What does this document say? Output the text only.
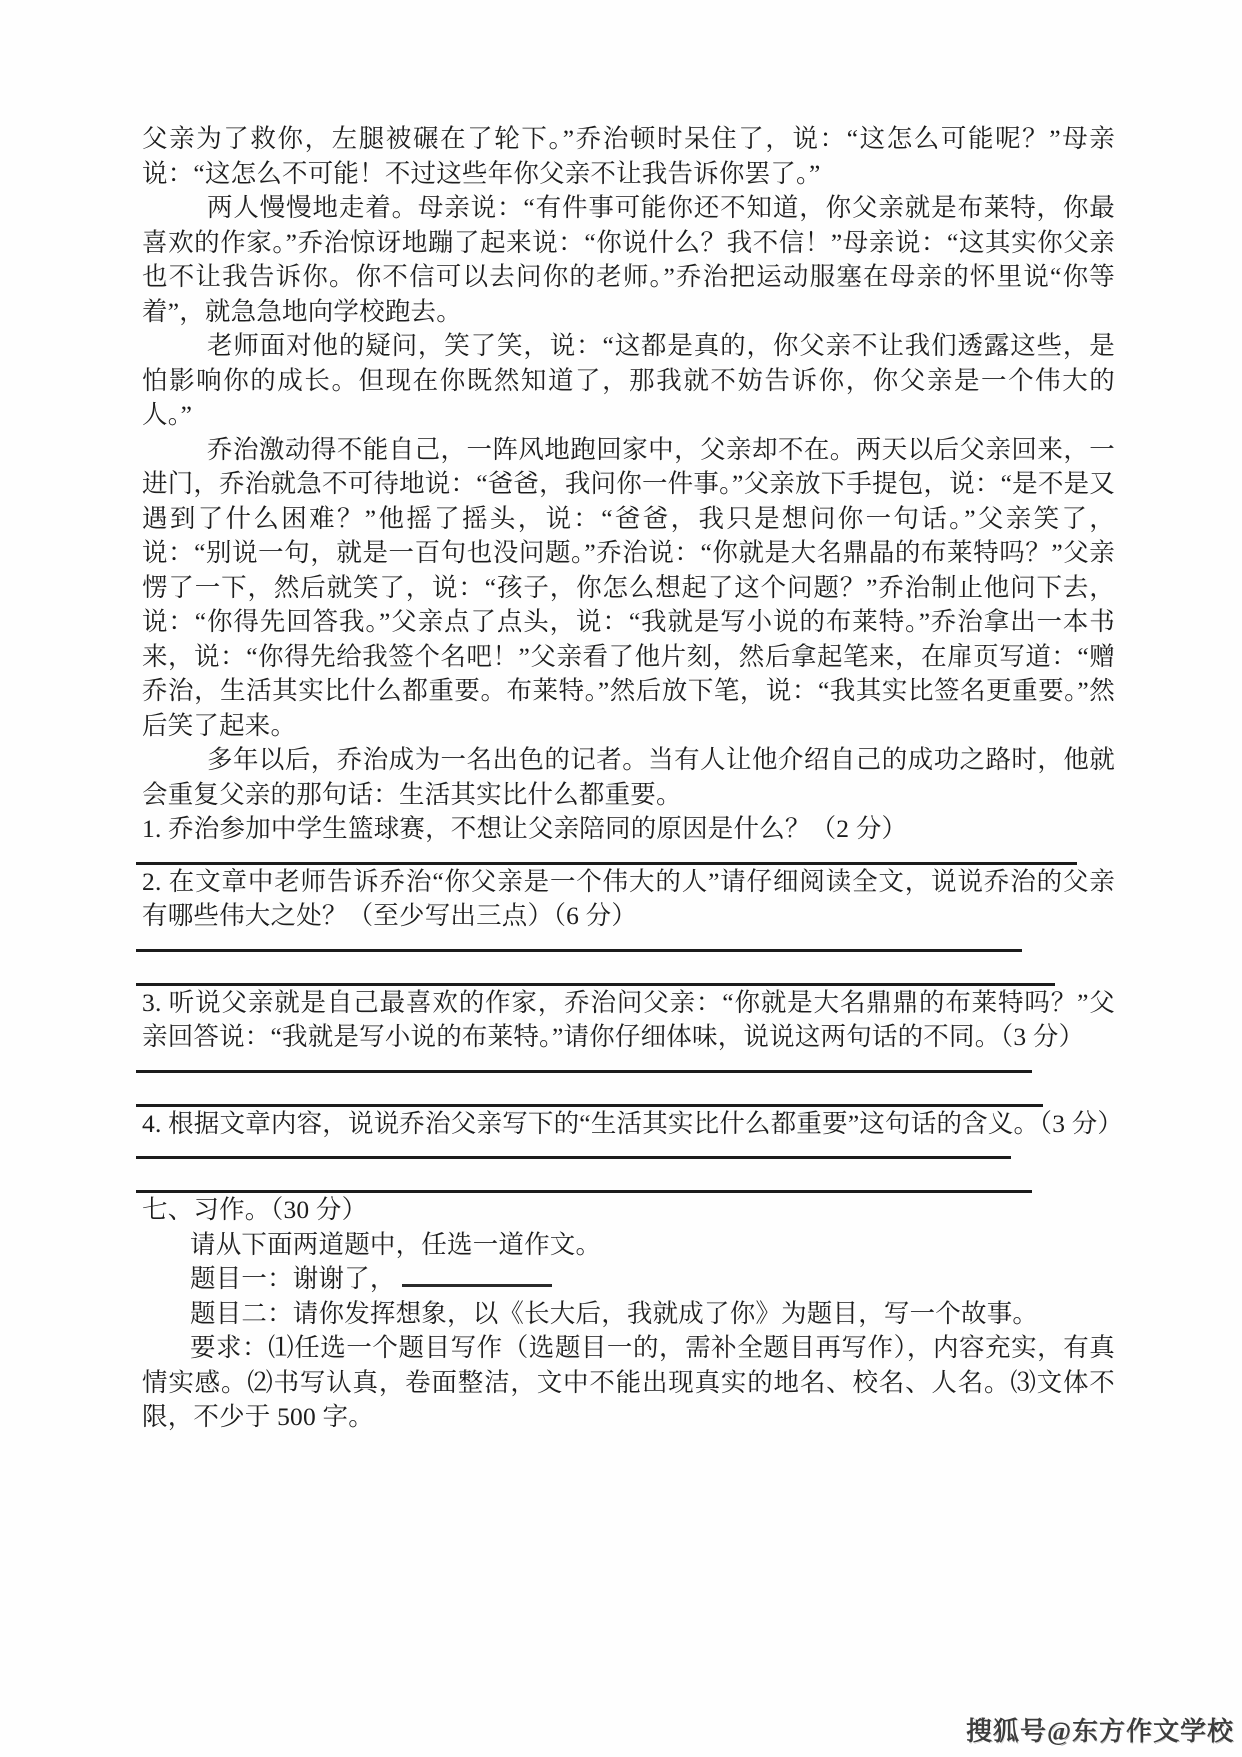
父亲为了救你，左腿被碾在了轮下。”乔治顿时呆住了，说：“这怎么可能呢？”母亲说：“这怎么不可能！不过这些年你父亲不让我告诉你罢了。”

两人慢慢地走着。母亲说：“有件事可能你还不知道，你父亲就是布莱特，你最喜欢的作家。”乔治惊讶地蹦了起来说：“你说什么？我不信！”母亲说：“这其实你父亲也不让我告诉你。你不信可以去问你的老师。”乔治把运动服塞在母亲的怀里说“你等着”，就急急地向学校跑去。

老师面对他的疑问，笑了笑，说：“这都是真的，你父亲不让我们透露这些，是怕影响你的成长。但现在你既然知道了，那我就不妨告诉你，你父亲是一个伟大的人。”

乔治激动得不能自己，一阵风地跑回家中，父亲却不在。两天以后父亲回来，一进门，乔治就急不可待地说：“爸爸，我问你一件事。”父亲放下手提包，说：“是不是又遇到了什么困难？”他摇了摇头，说：“爸爸，我只是想问你一句话。”父亲笑了，说：“别说一句，就是一百句也没问题。”乔治说：“你就是大名鼎晶的布莱特吗？”父亲愣了一下，然后就笑了，说：“孩子，你怎么想起了这个问题？”乔治制止他问下去，说：“你得先回答我。”父亲点了点头，说：“我就是写小说的布莱特。”乔治拿出一本书来，说：“你得先给我签个名吧！”父亲看了他片刻，然后拿起笔来，在扉页写道：“赠乔治，生活其实比什么都重要。布莱特。”然后放下笔，说：“我其实比签名更重要。”然后笑了起来。

多年以后，乔治成为一名出色的记者。当有人让他介绍自己的成功之路时，他就会重复父亲的那句话：生活其实比什么都重要。

1. 乔治参加中学生篮球赛，不想让父亲陪同的原因是什么？（2 分）

2. 在文章中老师告诉乔治“你父亲是一个伟大的人”请仔细阅读全文，说说乔治的父亲有哪些伟大之处？（至少写出三点）（6 分）

3. 听说父亲就是自己最喜欢的作家，乔治问父亲：“你就是大名鼎鼎的布莱特吗？”父亲回答说：“我就是写小说的布莱特。”请你仔细体味，说说这两句话的不同。（3 分）

4. 根据文章内容，说说乔治父亲写下的“生活其实比什么都重要”这句话的含义。（3 分）

七、习作。（30 分）

请从下面两道题中，任选一道作文。

题目一：谢谢了，

题目二：请你发挥想象，以《长大后，我就成了你》为题目，写一个故事。

要求：⑴任选一个题目写作（选题目一的，需补全题目再写作），内容充实，有真情实感。⑵书写认真，卷面整洁，文中不能出现真实的地名、校名、人名。⑶文体不限，不少于 500 字。

搜狐号@东方作文学校
